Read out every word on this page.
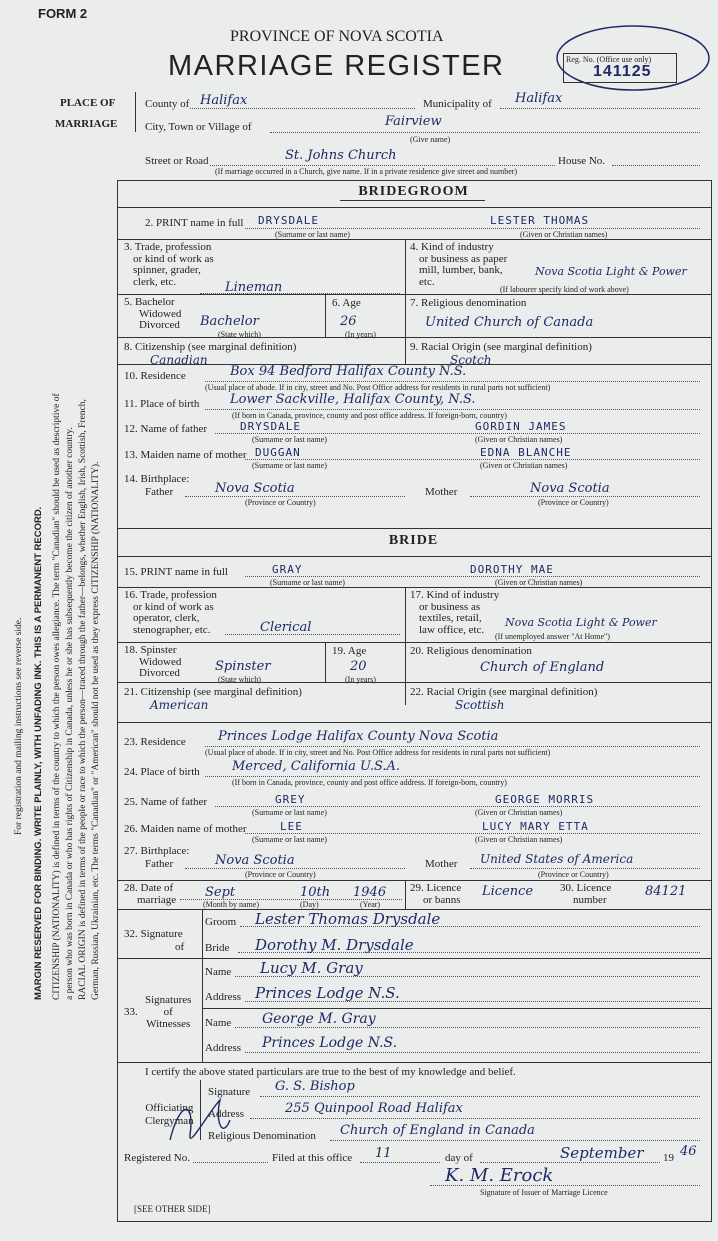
FORM 2
PROVINCE OF NOVA SCOTIA
MARRIAGE REGISTER	Reg. No. (Office use only)
141125
PLACE OF
MARRIAGE
County of Halifax	Municipality of Halifax
City, Town or Village of	Fairview
(Give name)
Street or Road	St. Johns Church	House No.
(If marriage occurred in a Church, give name. If in a private residence give street and number)
For registration and mailing instructions see reverse side. MARGIN RESERVED FOR BINDING. WRITE PLAINLY, WITH UNFADING INK. THIS IS A PERMANENT RECORD. CITIZENSHIP (NATIONALITY) is defined in terms of the country to which the person owes allegiance. The term "Canadian" should be used as descriptive of a person who was born in Canada or who has rights of Citizenship in Canada, unless he or she has subsequently become the citizen of another country. RACIAL ORIGIN is defined in terms of the people or race to which the person—traced through the father—belongs, whether English, Irish, Scottish, French, German, Russian, Ukrainian, etc. The terms "Canadian" or "American" should not be used as they express CITIZENSHIP (NATIONALITY).
BRIDEGROOM
2. PRINT name in full DRYSDALE	LESTER THOMAS
(Surname or last name)	(Given or Christian names)
3. Trade, profession
or kind of work as
spinner, grader,
clerk, etc.	Lineman
4. Kind of industry
or business as paper
mill, lumber, bank,
etc.
Nova Scotia Light & Power
(If labourer specify kind of work above)
5. Bachelor
Widowed
Divorced Bachelor
(State which)
6. Age
26
(In years)
7. Religious denomination
United Church of Canada
8. Citizenship (see marginal definition)
Canadian
9. Racial Origin (see marginal definition)
Scotch
10. Residence	Box 94 Bedford Halifax County N.S.
(Usual place of abode. If in city, street and No. Post Office address for residents in rural parts not sufficient)
11. Place of birth Lower Sackville, Halifax County, N.S.
(If born in Canada, province, county and post office address. If foreign-born, country)
12. Name of father	DRYSDALE	GORDIN JAMES
(Surname or last name)	(Given or Christian names)
13. Maiden name of mother DUGGAN	EDNA BLANCHE
(Surname or last name)	(Given or Christian names)
14. Birthplace:
Father	Nova Scotia
(Province or Country)
Mother	Nova Scotia
(Province or Country)
BRIDE
15. PRINT name in full	GRAY	DOROTHY MAE
(Surname or last name)	(Given or Christian names)
16. Trade, profession
or kind of work as
operator, clerk,
stenographer, etc.	Clerical
17. Kind of industry
or business as
textiles, retail,
law office, etc.
Nova Scotia Light & Power
(If unemployed answer "At Home")
18. Spinster
Widowed
Divorced	Spinster
(State which)
19. Age
20
(In years)
20. Religious denomination
Church of England
21. Citizenship (see marginal definition)
American
22. Racial Origin (see marginal definition)
Scottish
23. Residence Princes Lodge Halifax County Nova Scotia
(Usual place of abode. If in city, street and No. Post Office address for residents in rural parts not sufficient)
24. Place of birth Merced, California U.S.A.
(If born in Canada, province, county and post office address. If foreign-born, country)
25. Name of father	GREY	GEORGE MORRIS
(Surname or last name)	(Given or Christian names)
26. Maiden name of mother	LEE	LUCY MARY ETTA
(Surname or last name)	(Given or Christian names)
27. Birthplace:
Father	Nova Scotia
(Province or Country)
Mother United States of America
(Province or Country)
28. Date of
marriage Sept	10th 1946
(Month by name)	(Day)	(Year)
29. Licence
or banns
Licence 30. Licence
number
84121
32. Signature
of
Groom Lester Thomas Drysdale
Bride Dorothy M. Drysdale
Signatures
of
Witnesses
33.
Name Lucy M. Gray
Address Princes Lodge N.S.
Name George M. Gray
Address Princes Lodge N.S.
I certify the above stated particulars are true to the best of my knowledge and belief.
Officiating
Clergyman
Signature G. S. Bishop
Address	255 Quinpool Road Halifax
Religious Denomination Church of England in Canada
Registered No.	Filed at this office 11	day of	September 19 46
K. M. Erock
Signature of Issuer of Marriage Licence
[SEE OTHER SIDE]
